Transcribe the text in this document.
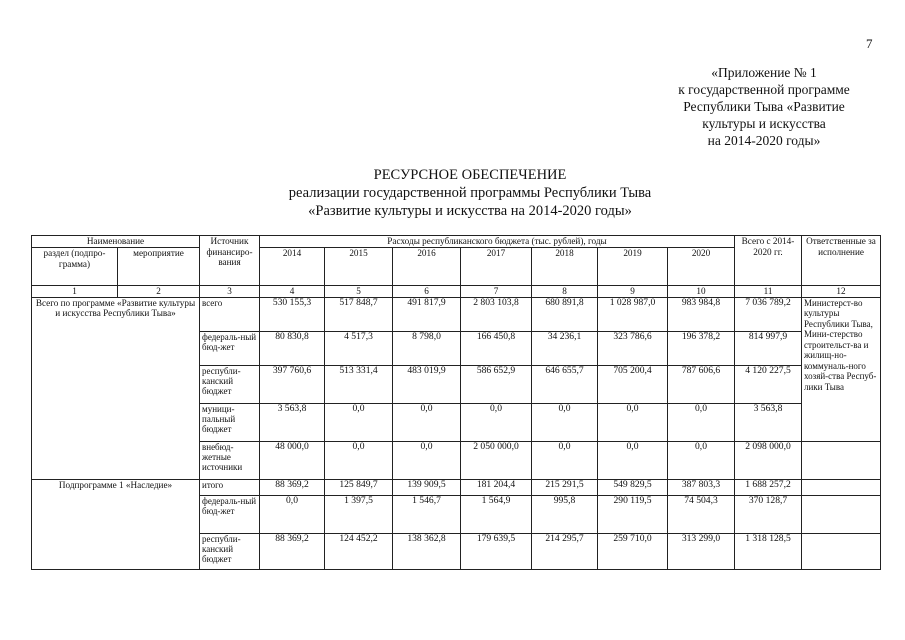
7
«Приложение № 1
к государственной программе
Республики Тыва «Развитие
культуры и искусства
на 2014-2020 годы»
РЕСУРСНОЕ ОБЕСПЕЧЕНИЕ
реализации государственной программы Республики Тыва
«Развитие культуры и искусства на 2014-2020 годы»
Наименование		Источник финансиро-вания	Расходы республиканского бюджета (тыс. рублей), годы							Всего с 2014-2020 гг.	Ответственные за исполнение
раздел (подпро-грамма)	мероприятие		2014	2015	2016	2017	2018	2019	2020		
1	2	3	4	5	6	7	8	9	10	11	12
Всего по программе «Развитие культуры и искусства Республики Тыва»		всего	530 155,3	517 848,7	491 817,9	2 803 103,8	680 891,8	1 028 987,0	983 984,8	7 036 789,2	Министерст-во культуры Республики Тыва, Мини-стерство строительст-ва и жилищ-но-коммуналь-ного хозяй-ства Респуб-лики Тыва
		федераль-ный бюд-жет	80 830,8	4 517,3	8 798,0	166 450,8	34 236,1	323 786,6	196 378,2	814 997,9	
		республи-канский бюджет	397 760,6	513 331,4	483 019,9	586 652,9	646 655,7	705 200,4	787 606,6	4 120 227,5	
		муници-пальный бюджет	3 563,8	0,0	0,0	0,0	0,0	0,0	0,0	3 563,8	
		внебюд-жетные источники	48 000,0	0,0	0,0	2 050 000,0	0,0	0,0	0,0	2 098 000,0	
Подпрограмме 1 «Наследие»		итого	88 369,2	125 849,7	139 909,5	181 204,4	215 291,5	549 829,5	387 803,3	1 688 257,2	
		федераль-ный бюд-жет	0,0	1 397,5	1 546,7	1 564,9	995,8	290 119,5	74 504,3	370 128,7	
		республи-канский бюджет	88 369,2	124 452,2	138 362,8	179 639,5	214 295,7	259 710,0	313 299,0	1 318 128,5	
